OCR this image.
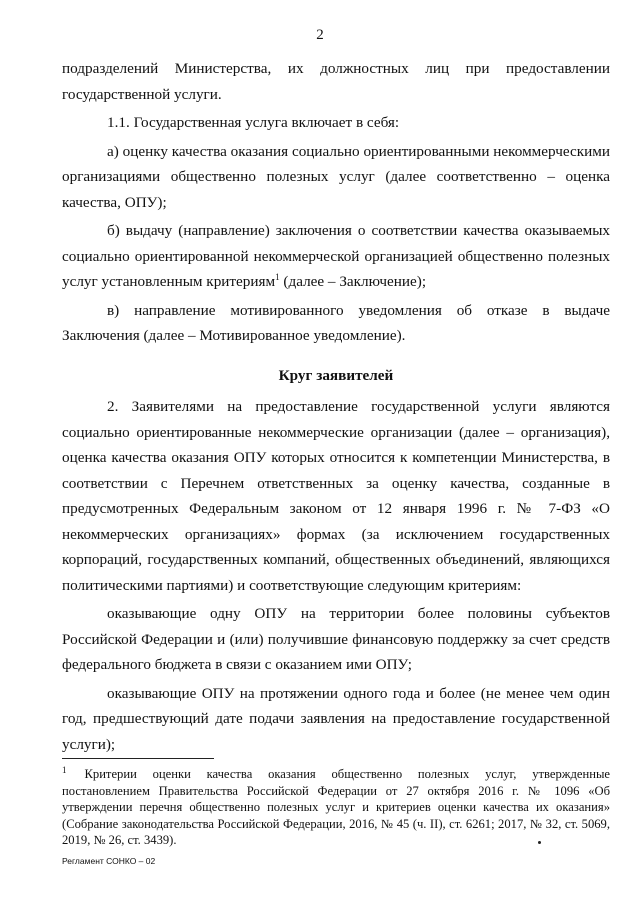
2

подразделений Министерства, их должностных лиц при предоставлении государственной услуги.

1.1. Государственная услуга включает в себя:

а) оценку качества оказания социально ориентированными некоммерческими организациями общественно полезных услуг (далее соответственно – оценка качества, ОПУ);

б) выдачу (направление) заключения о соответствии качества оказываемых социально ориентированной некоммерческой организацией общественно полезных услуг установленным критериям$^1$ (далее – Заключение);

в) направление мотивированного уведомления об отказе в выдаче Заключения (далее – Мотивированное уведомление).

Круг заявителей

2. Заявителями на предоставление государственной услуги являются социально ориентированные некоммерческие организации (далее – организация), оценка качества оказания ОПУ которых относится к компетенции Министерства, в соответствии с Перечнем ответственных за оценку качества, созданные в предусмотренных Федеральным законом от 12 января 1996 г. № 7-ФЗ «О некоммерческих организациях» формах (за исключением государственных корпораций, государственных компаний, общественных объединений, являющихся политическими партиями) и соответствующие следующим критериям:

оказывающие одну ОПУ на территории более половины субъектов Российской Федерации и (или) получившие финансовую поддержку за счет средств федерального бюджета в связи с оказанием ими ОПУ;

оказывающие ОПУ на протяжении одного года и более (не менее чем один год, предшествующий дате подачи заявления на предоставление государственной услуги);

$^1$ Критерии оценки качества оказания общественно полезных услуг, утвержденные постановлением Правительства Российской Федерации от 27 октября 2016 г. № 1096 «Об утверждении перечня общественно полезных услуг и критериев оценки качества их оказания» (Собрание законодательства Российской Федерации, 2016, № 45 (ч. II), ст. 6261; 2017, № 32, ст. 5069, 2019, № 26, ст. 3439).
Регламент СОНКО – 02
